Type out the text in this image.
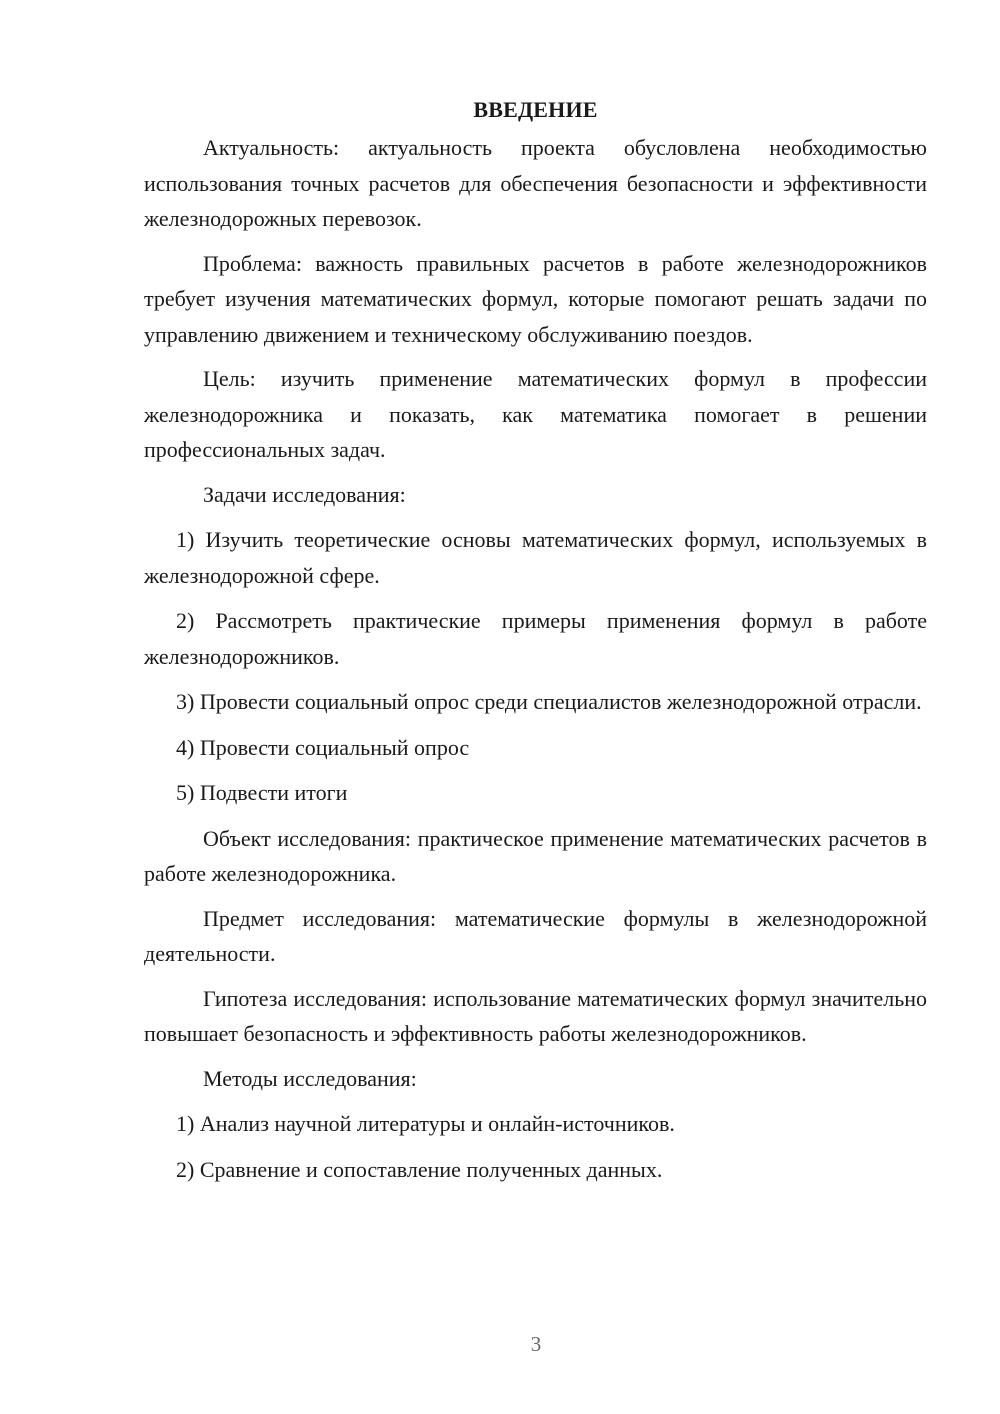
ВВЕДЕНИЕ

Актуальность: актуальность проекта обусловлена необходимостью использования точных расчетов для обеспечения безопасности и эффективности железнодорожных перевозок.

Проблема: важность правильных расчетов в работе железнодорожников требует изучения математических формул, которые помогают решать задачи по управлению движением и техническому обслуживанию поездов.

Цель: изучить применение математических формул в профессии железнодорожника и показать, как математика помогает в решении профессиональных задач.

Задачи исследования:

1) Изучить теоретические основы математических формул, используемых в железнодорожной сфере.

2) Рассмотреть практические примеры применения формул в работе железнодорожников.

3) Провести социальный опрос среди специалистов железнодорожной отрасли.

4) Провести социальный опрос

5) Подвести итоги

Объект исследования: практическое применение математических расчетов в работе железнодорожника.

Предмет исследования: математические формулы в железнодорожной деятельности.

Гипотеза исследования: использование математических формул значительно повышает безопасность и эффективность работы железнодорожников.

Методы исследования:

1) Анализ научной литературы и онлайн-источников.

2) Сравнение и сопоставление полученных данных.

3
